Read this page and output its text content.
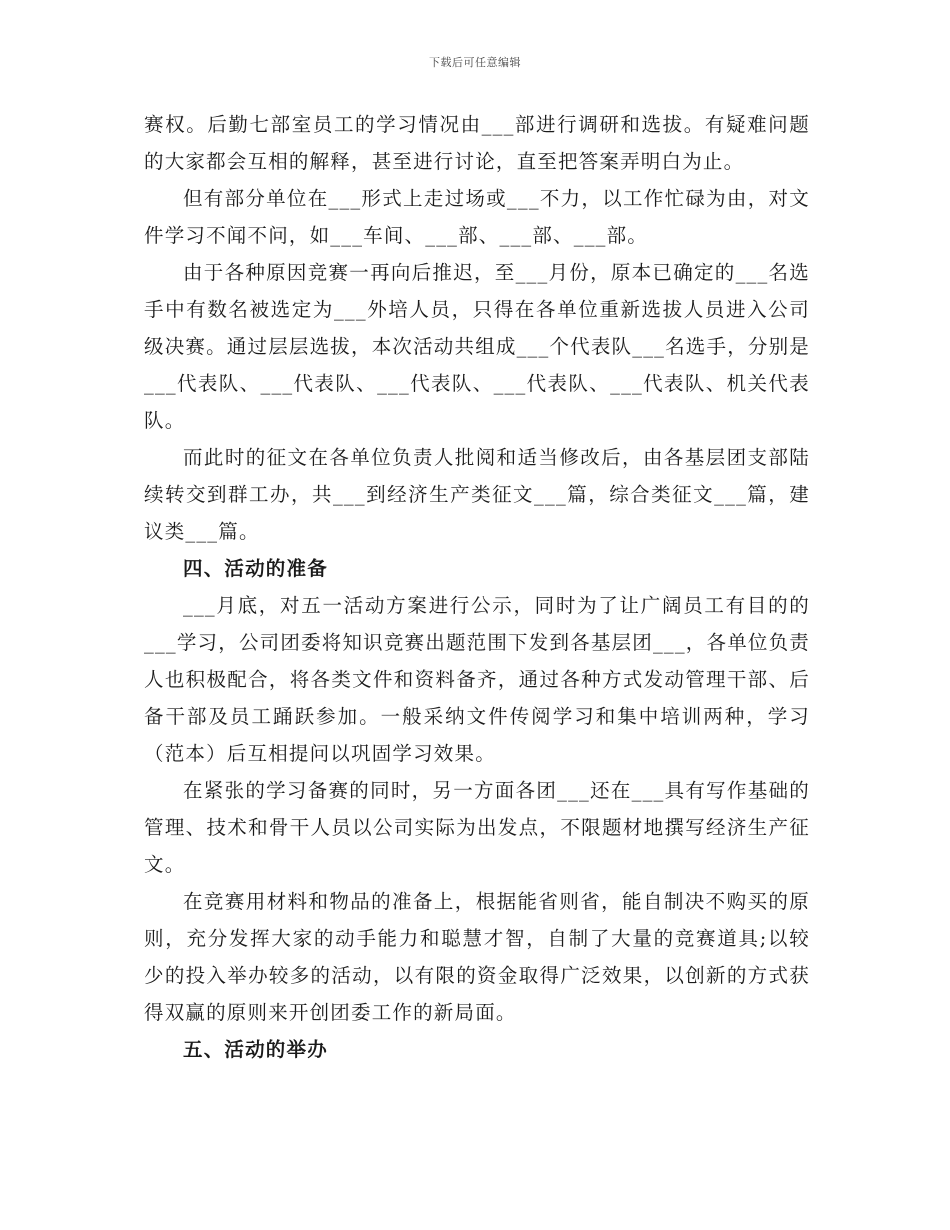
下载后可任意编辑

赛权。后勤七部室员工的学习情况由___部进行调研和选拔。有疑难问题的大家都会互相的解释，甚至进行讨论，直至把答案弄明白为止。

但有部分单位在___形式上走过场或___不力，以工作忙碌为由，对文件学习不闻不问，如___车间、___部、___部、___部。

由于各种原因竞赛一再向后推迟，至___月份，原本已确定的___名选手中有数名被选定为___外培人员，只得在各单位重新选拔人员进入公司级决赛。通过层层选拔，本次活动共组成___个代表队___名选手，分别是___代表队、___代表队、___代表队、___代表队、___代表队、机关代表队。

而此时的征文在各单位负责人批阅和适当修改后，由各基层团支部陆续转交到群工办，共___到经济生产类征文___篇，综合类征文___篇，建议类___篇。

四、活动的准备

___月底，对五一活动方案进行公示，同时为了让广阔员工有目的的___学习，公司团委将知识竞赛出题范围下发到各基层团___，各单位负责人也积极配合，将各类文件和资料备齐，通过各种方式发动管理干部、后备干部及员工踊跃参加。一般采纳文件传阅学习和集中培训两种，学习（范本）后互相提问以巩固学习效果。

在紧张的学习备赛的同时，另一方面各团___还在___具有写作基础的管理、技术和骨干人员以公司实际为出发点，不限题材地撰写经济生产征文。

在竞赛用材料和物品的准备上，根据能省则省，能自制决不购买的原则，充分发挥大家的动手能力和聪慧才智，自制了大量的竞赛道具;以较少的投入举办较多的活动，以有限的资金取得广泛效果，以创新的方式获得双赢的原则来开创团委工作的新局面。

五、活动的举办
